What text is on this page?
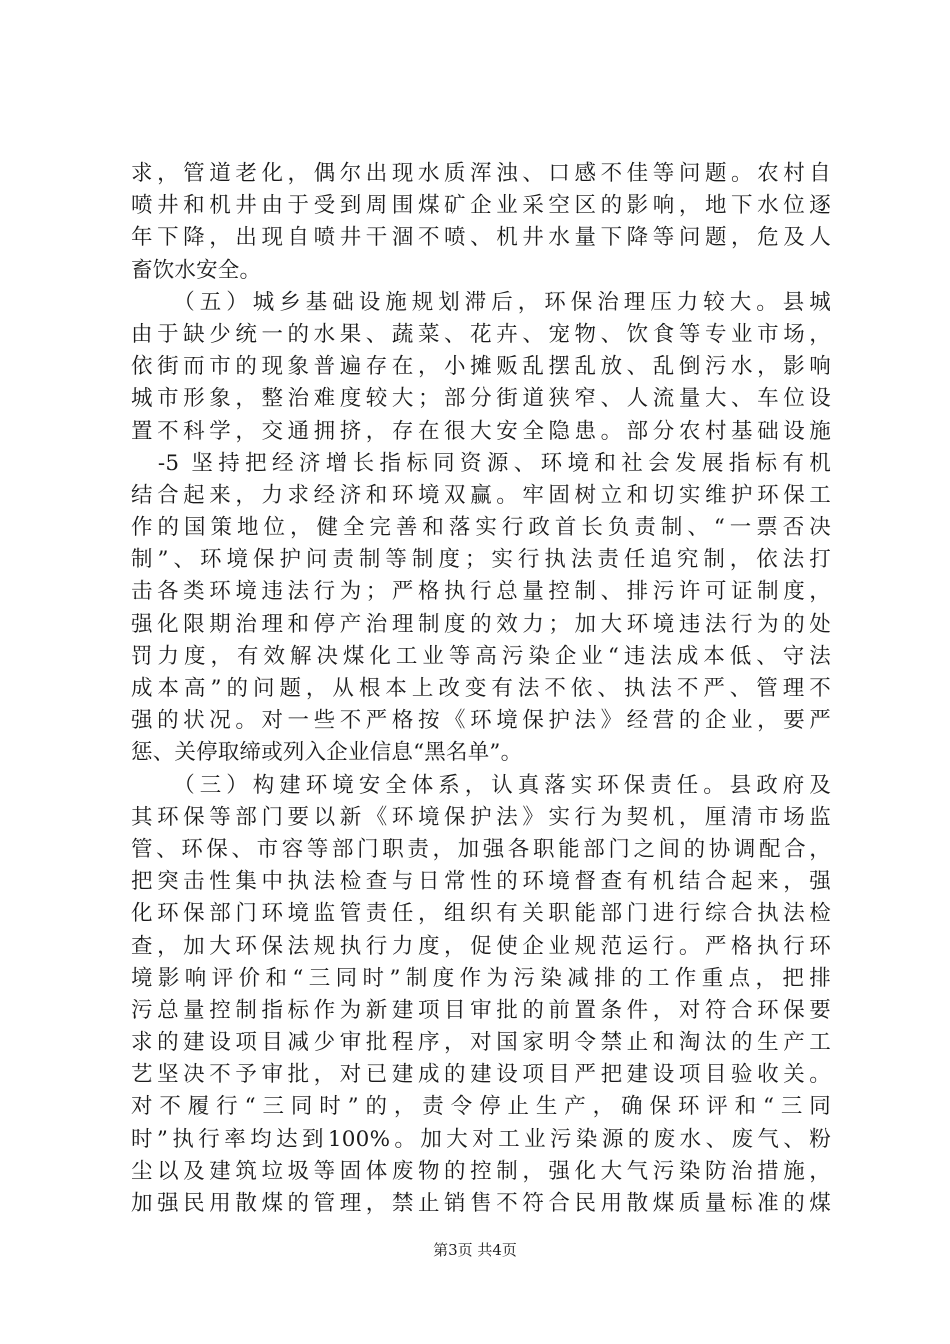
求，管道老化，偶尔出现水质浑浊、口感不佳等问题。农村自
喷井和机井由于受到周围煤矿企业采空区的影响，地下水位逐
年下降，出现自喷井干涸不喷、机井水量下降等问题，危及人
畜饮水安全。
　　（五）城乡基础设施规划滞后，环保治理压力较大。县城
由于缺少统一的水果、蔬菜、花卉、宠物、饮食等专业市场，
依街而市的现象普遍存在，小摊贩乱摆乱放、乱倒污水，影响
城市形象，整治难度较大；部分街道狭窄、人流量大、车位设
置不科学，交通拥挤，存在很大安全隐患。部分农村基础设施
　-5 坚持把经济增长指标同资源、环境和社会发展指标有机
结合起来，力求经济和环境双赢。牢固树立和切实维护环保工
作的国策地位，健全完善和落实行政首长负责制、“一票否决
制”、环境保护问责制等制度；实行执法责任追究制，依法打
击各类环境违法行为；严格执行总量控制、排污许可证制度，
强化限期治理和停产治理制度的效力；加大环境违法行为的处
罚力度，有效解决煤化工业等高污染企业“违法成本低、守法
成本高”的问题，从根本上改变有法不依、执法不严、管理不
强的状况。对一些不严格按《环境保护法》经营的企业，要严
惩、关停取缔或列入企业信息“黑名单”。
　　（三）构建环境安全体系，认真落实环保责任。县政府及
其环保等部门要以新《环境保护法》实行为契机，厘清市场监
管、环保、市容等部门职责，加强各职能部门之间的协调配合，
把突击性集中执法检查与日常性的环境督查有机结合起来，强
化环保部门环境监管责任，组织有关职能部门进行综合执法检
查，加大环保法规执行力度，促使企业规范运行。严格执行环
境影响评价和“三同时”制度作为污染减排的工作重点，把排
污总量控制指标作为新建项目审批的前置条件，对符合环保要
求的建设项目减少审批程序，对国家明令禁止和淘汰的生产工
艺坚决不予审批，对已建成的建设项目严把建设项目验收关。
对不履行“三同时”的，责令停止生产，确保环评和“三同
时”执行率均达到100%。加大对工业污染源的废水、废气、粉
尘以及建筑垃圾等固体废物的控制，强化大气污染防治措施，
加强民用散煤的管理，禁止销售不符合民用散煤质量标准的煤
第3页 共4页
